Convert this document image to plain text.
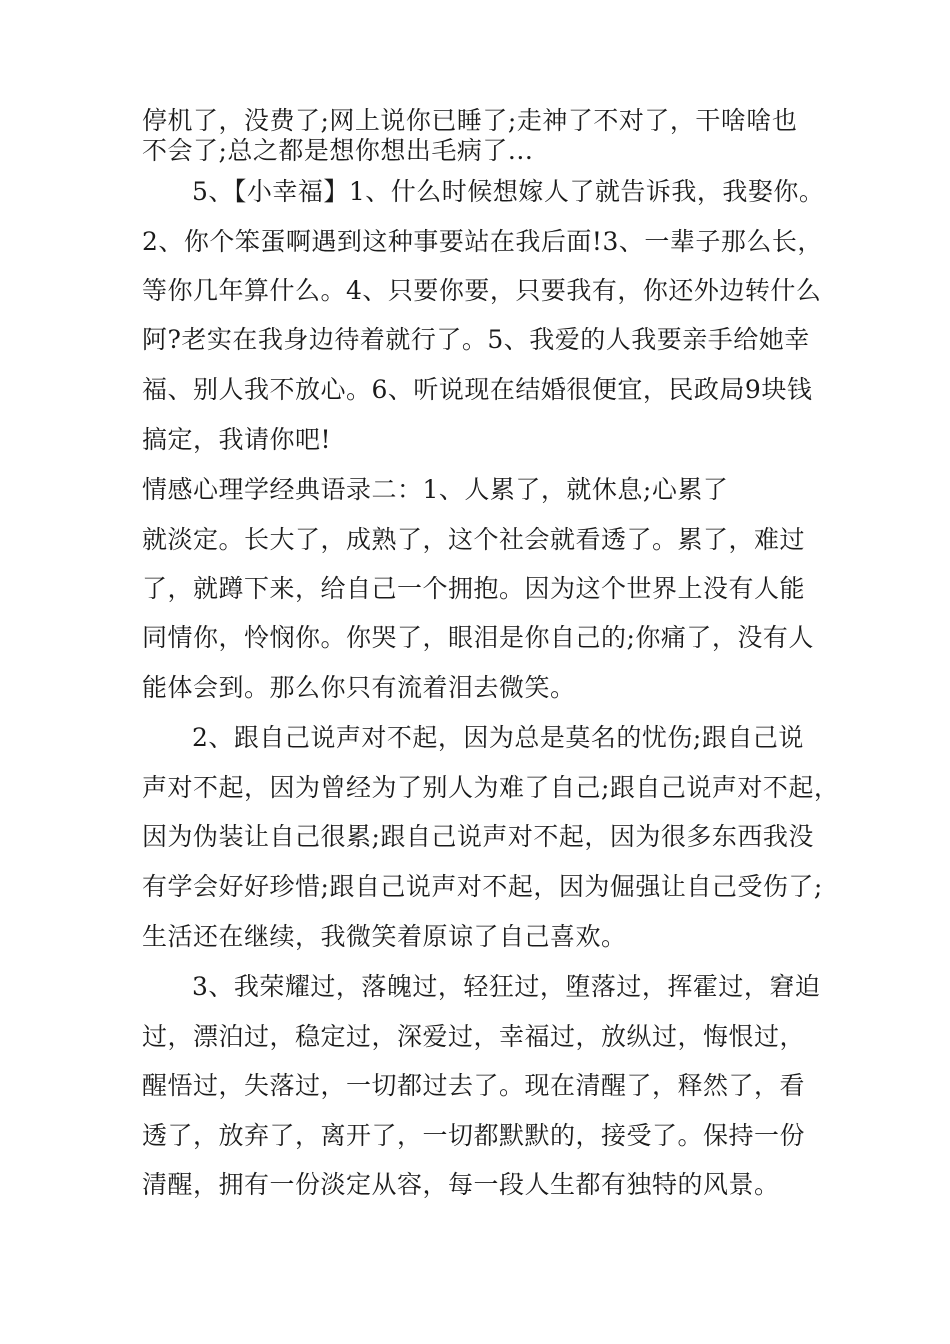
停机了，没费了;网上说你已睡了;走神了不对了，干啥啥也
不会了;总之都是想你想出毛病了...
5、【小幸福】1、什么时候想嫁人了就告诉我，我娶你。
2、你个笨蛋啊遇到这种事要站在我后面!3、一辈子那么长，
等你几年算什么。4、只要你要，只要我有，你还外边转什么
阿?老实在我身边待着就行了。5、我爱的人我要亲手给她幸
福、别人我不放心。6、听说现在结婚很便宜，民政局9块钱
搞定，我请你吧!
情感心理学经典语录二：1、人累了，就休息;心累了
就淡定。长大了，成熟了，这个社会就看透了。累了，难过
了，就蹲下来，给自己一个拥抱。因为这个世界上没有人能
同情你，怜悯你。你哭了，眼泪是你自己的;你痛了，没有人
能体会到。那么你只有流着泪去微笑。
2、跟自己说声对不起，因为总是莫名的忧伤;跟自己说
声对不起，因为曾经为了别人为难了自己;跟自己说声对不起，
因为伪装让自己很累;跟自己说声对不起，因为很多东西我没
有学会好好珍惜;跟自己说声对不起，因为倔强让自己受伤了;
生活还在继续，我微笑着原谅了自己喜欢。
3、我荣耀过，落魄过，轻狂过，堕落过，挥霍过，窘迫
过，漂泊过，稳定过，深爱过，幸福过，放纵过，悔恨过，
醒悟过，失落过，一切都过去了。现在清醒了，释然了，看
透了，放弃了，离开了，一切都默默的，接受了。保持一份
清醒，拥有一份淡定从容，每一段人生都有独特的风景。
